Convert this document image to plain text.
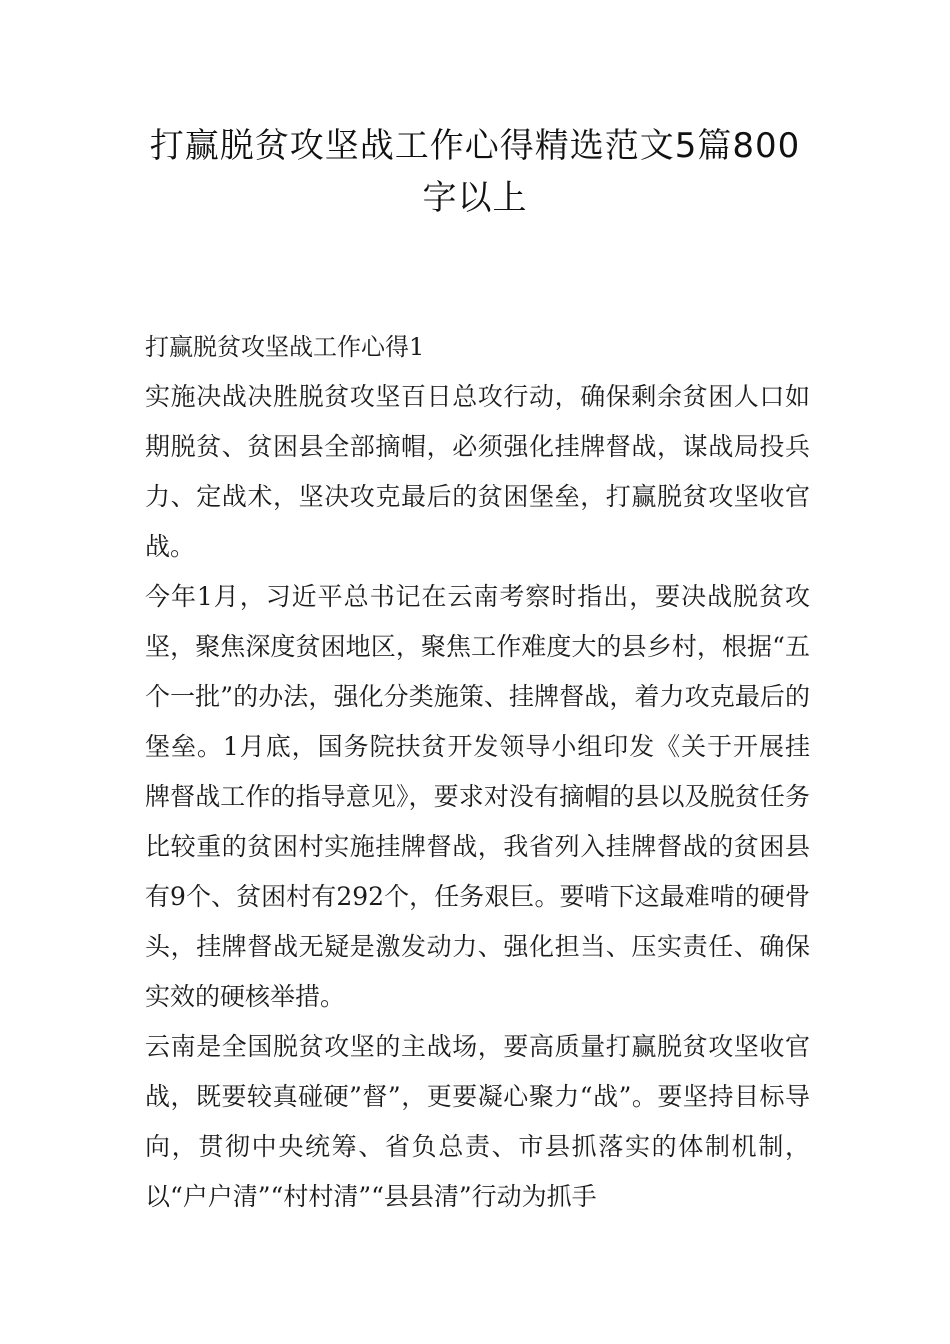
打赢脱贫攻坚战工作心得精选范文5篇800
字以上

打赢脱贫攻坚战工作心得1

实施决战决胜脱贫攻坚百日总攻行动，确保剩余贫困人口如期脱贫、贫困县全部摘帽，必须强化挂牌督战，谋战局投兵力、定战术，坚决攻克最后的贫困堡垒，打赢脱贫攻坚收官战。

今年1月，习近平总书记在云南考察时指出，要决战脱贫攻坚，聚焦深度贫困地区，聚焦工作难度大的县乡村，根据“五个一批”的办法，强化分类施策、挂牌督战，着力攻克最后的堡垒。1月底，国务院扶贫开发领导小组印发《关于开展挂牌督战工作的指导意见》，要求对没有摘帽的县以及脱贫任务比较重的贫困村实施挂牌督战，我省列入挂牌督战的贫困县有9个、贫困村有292个，任务艰巨。要啃下这最难啃的硬骨头，挂牌督战无疑是激发动力、强化担当、压实责任、确保实效的硬核举措。

云南是全国脱贫攻坚的主战场，要高质量打赢脱贫攻坚收官战，既要较真碰硬”督”，更要凝心聚力“战”。要坚持目标导向，贯彻中央统筹、省负总责、市县抓落实的体制机制，以“户户清”“村村清”“县县清”行动为抓手
